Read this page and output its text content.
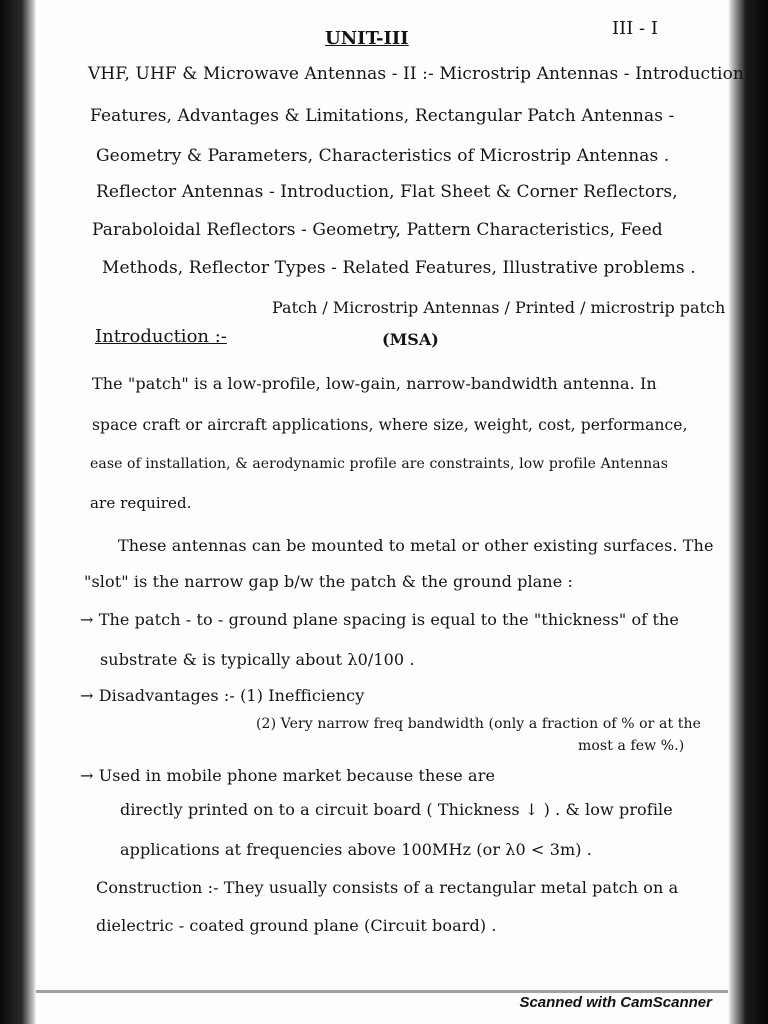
UNIT-III	III - I
VHF, UHF & Microwave Antennas - II :- Microstrip Antennas - Introduction,
Features, Advantages & Limitations, Rectangular Patch Antennas -
Geometry & Parameters, Characteristics of Microstrip Antennas .
Reflector Antennas - Introduction, Flat Sheet & Corner Reflectors,
Paraboloidal Reflectors - Geometry, Pattern Characteristics, Feed
Methods, Reflector Types - Related Features, Illustrative problems .
Patch / Microstrip Antennas / Printed / microstrip patch
Introduction :-	(MSA)
The "patch" is a low-profile, low-gain, narrow-bandwidth antenna. In
space craft or aircraft applications, where size, weight, cost, performance,
ease of installation, & aerodynamic profile are constraints, low profile Antennas
are required.
These antennas can be mounted to metal or other existing surfaces. The
"slot" is the narrow gap b/w the patch & the ground plane :
→ The patch - to - ground plane spacing is equal to the "thickness" of the
substrate & is typically about λ0/100 .
→ Disadvantages :- (1) Inefficiency
(2) Very narrow freq bandwidth (only a fraction of % or at the
most a few %.)
→ Used in mobile phone market because these are
directly printed on to a circuit board ( Thickness ↓ ) . & low profile
applications at frequencies above 100MHz (or λ0 < 3m) .
Construction :- They usually consists of a rectangular metal patch on a
dielectric - coated ground plane (Circuit board) .
Scanned with CamScanner
